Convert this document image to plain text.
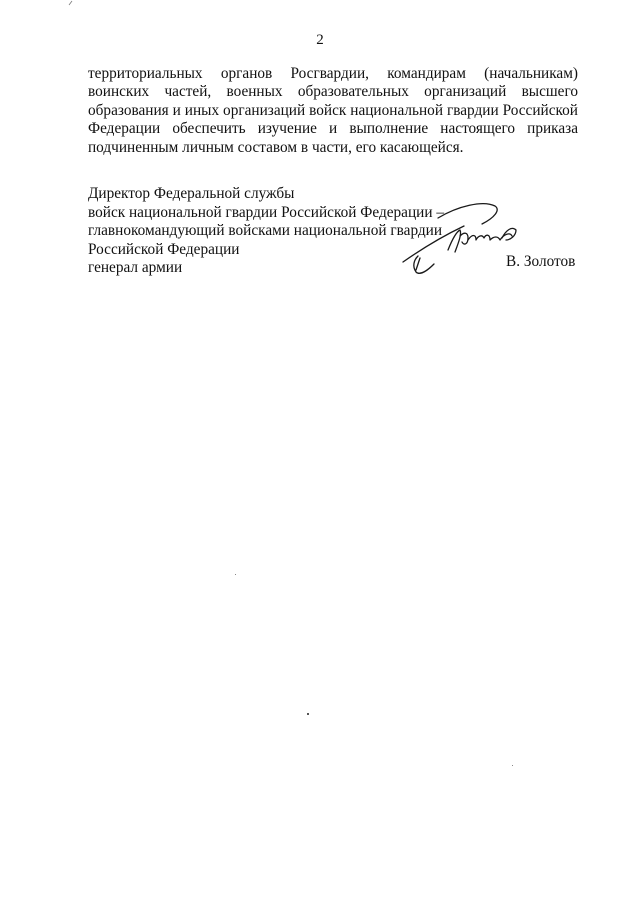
2

территориальных органов Росгвардии, командирам (начальникам) воинских частей, военных образовательных организаций высшего образования и иных организаций войск национальной гвардии Российской Федерации обеспечить изучение и выполнение настоящего приказа подчиненным личным составом в части, его касающейся.

Директор Федеральной службы
войск национальной гвардии Российской Федерации –
главнокомандующий войсками национальной гвардии
Российской Федерации
генерал армии	В. Золотов
